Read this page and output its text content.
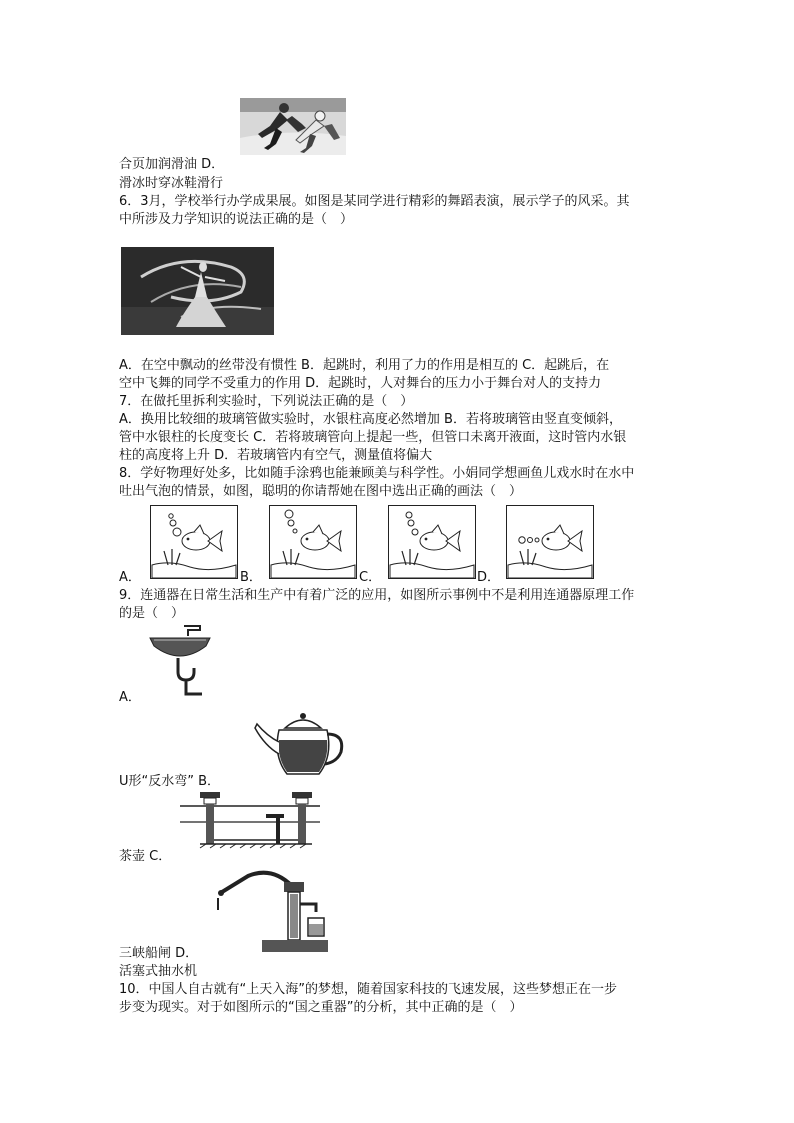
合页加润滑油 D．
滑冰时穿冰鞋滑行
6．3月，学校举行办学成果展。如图是某同学进行精彩的舞蹈表演，展示学子的风采。其
中所涉及力学知识的说法正确的是（　）
A．在空中飘动的丝带没有惯性 B．起跳时，利用了力的作用是相互的 C．起跳后，在
空中飞舞的同学不受重力的作用 D．起跳时，人对舞台的压力小于舞台对人的支持力
7．在做托里拆利实验时，下列说法正确的是（　）
A．换用比较细的玻璃管做实验时，水银柱高度必然增加 B．若将玻璃管由竖直变倾斜，
管中水银柱的长度变长 C．若将玻璃管向上提起一些，但管口未离开液面，这时管内水银
柱的高度将上升 D．若玻璃管内有空气，测量值将偏大
8．学好物理好处多，比如随手涂鸦也能兼顾美与科学性。小娟同学想画鱼儿戏水时在水中
吐出气泡的情景，如图，聪明的你请帮她在图中选出正确的画法（　）
A．	B．	C．	D．
9．连通器在日常生活和生产中有着广泛的应用，如图所示事例中不是利用连通器原理工作
的是（　）
A．
U形“反水弯” B．
茶壶 C．
三峡船闸 D．
活塞式抽水机
10．中国人自古就有“上天入海”的梦想，随着国家科技的飞速发展，这些梦想正在一步
步变为现实。对于如图所示的“国之重器”的分析，其中正确的是（　）
